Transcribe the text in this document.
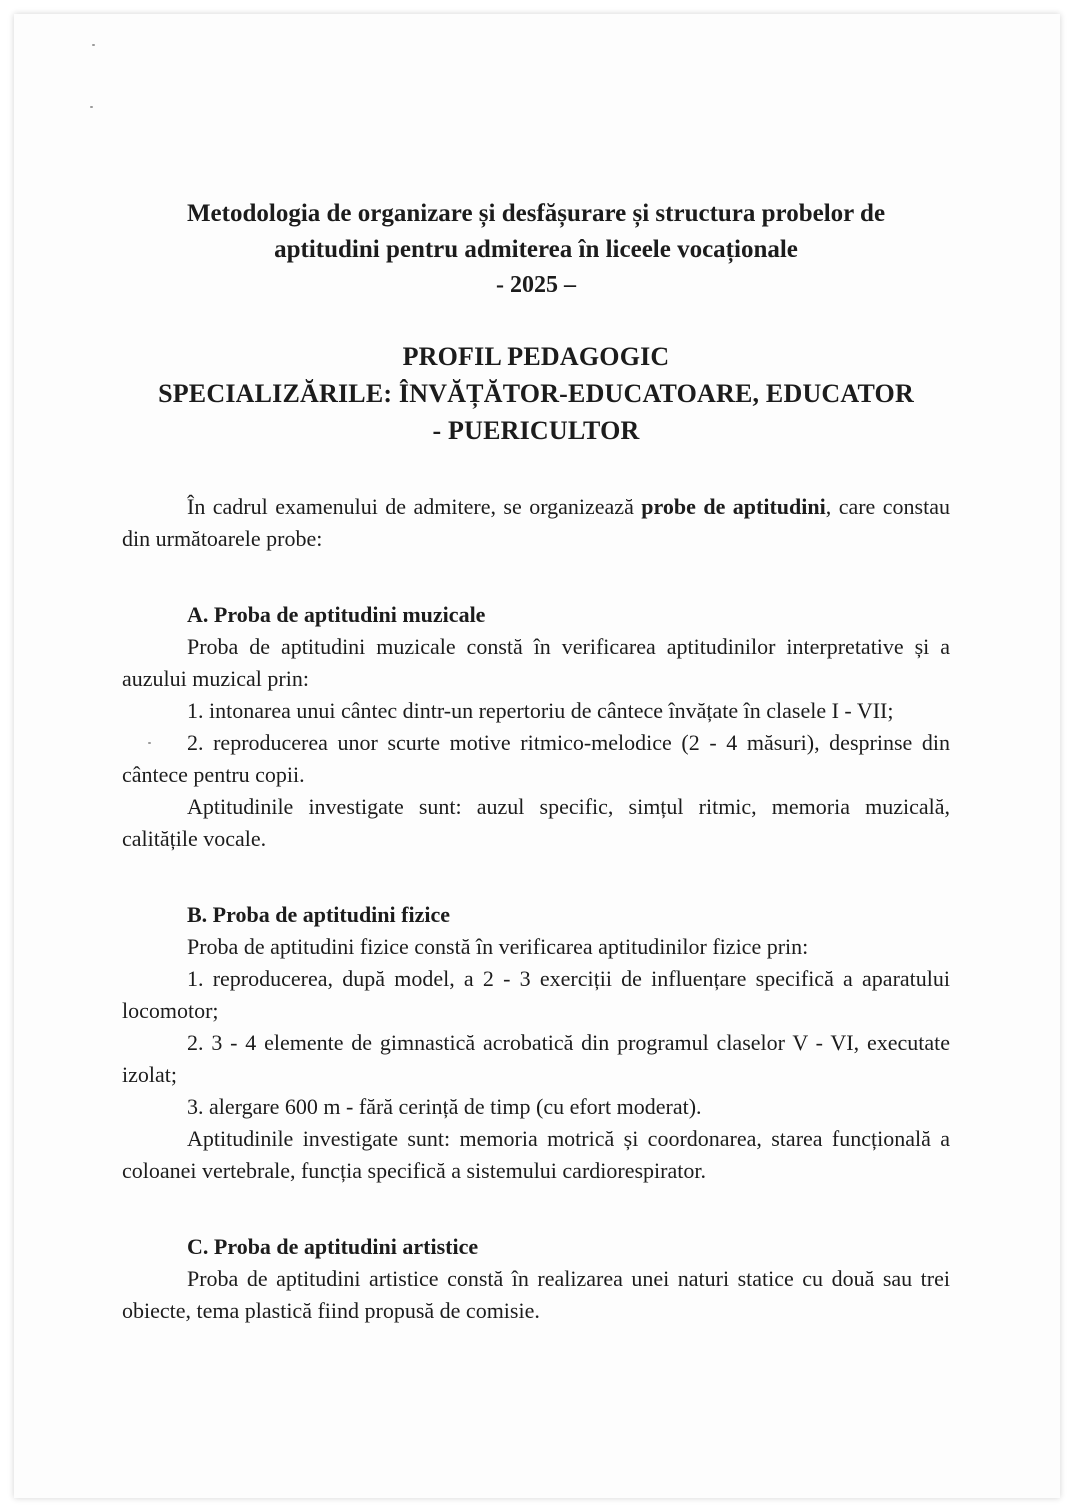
Metodologia de organizare și desfășurare și structura probelor de
aptitudini pentru admiterea în liceele vocaționale
- 2025 –
PROFIL PEDAGOGIC
SPECIALIZĂRILE: ÎNVĂȚĂTOR-EDUCATOARE, EDUCATOR
- PUERICULTOR

În cadrul examenului de admitere, se organizează probe de aptitudini, care constau din următoarele probe:

A. Proba de aptitudini muzicale

Proba de aptitudini muzicale constă în verificarea aptitudinilor interpretative și a auzului muzical prin:

1. intonarea unui cântec dintr-un repertoriu de cântece învățate în clasele I - VII;

2. reproducerea unor scurte motive ritmico-melodice (2 - 4 măsuri), desprinse din cântece pentru copii.

Aptitudinile investigate sunt: auzul specific, simțul ritmic, memoria muzicală, calitățile vocale.

B. Proba de aptitudini fizice

Proba de aptitudini fizice constă în verificarea aptitudinilor fizice prin:

1. reproducerea, după model, a 2 - 3 exerciții de influențare specifică a aparatului locomotor;

2. 3 - 4 elemente de gimnastică acrobatică din programul claselor V - VI, executate izolat;

3. alergare 600 m - fără cerință de timp (cu efort moderat).

Aptitudinile investigate sunt: memoria motrică și coordonarea, starea funcțională a coloanei vertebrale, funcția specifică a sistemului cardiorespirator.

C. Proba de aptitudini artistice

Proba de aptitudini artistice constă în realizarea unei naturi statice cu două sau trei obiecte, tema plastică fiind propusă de comisie.
